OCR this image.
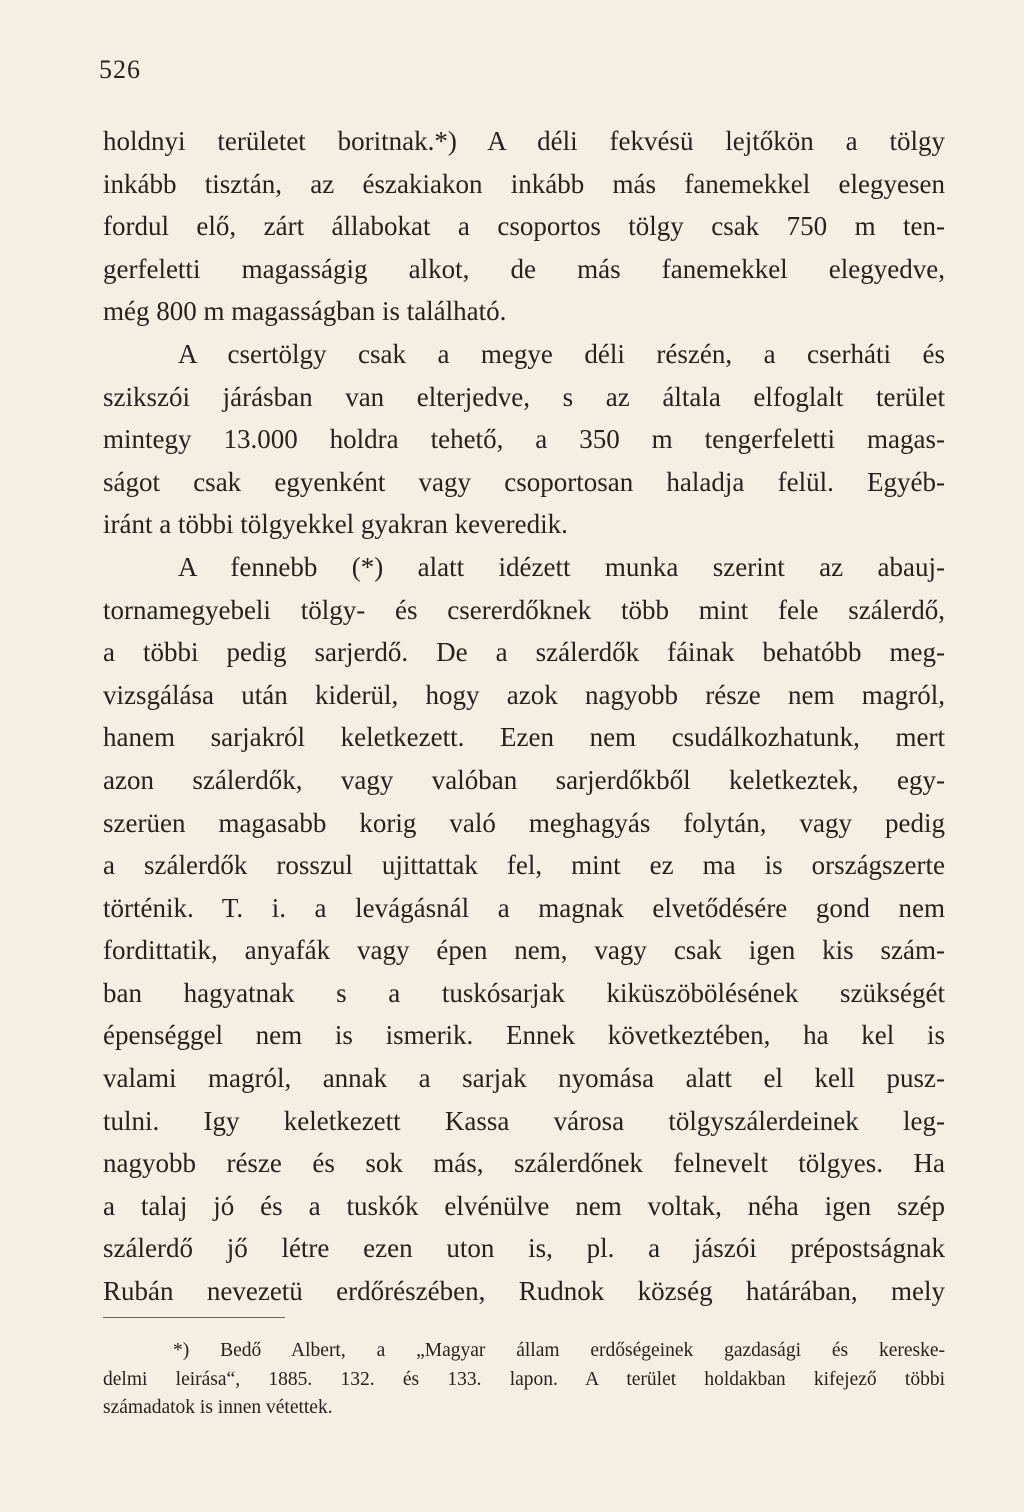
526
holdnyi területet boritnak.*) A déli fekvésü lejtőkön a tölgy
inkább tisztán, az északiakon inkább más fanemekkel elegyesen
fordul elő, zárt állabokat a csoportos tölgy csak 750 m ten-
gerfeletti magasságig alkot, de más fanemekkel elegyedve,
még 800 m magasságban is található.
A csertölgy csak a megye déli részén, a cserháti és
szikszói járásban van elterjedve, s az általa elfoglalt terület
mintegy 13.000 holdra tehető, a 350 m tengerfeletti magas-
ságot csak egyenként vagy csoportosan haladja felül. Egyéb-
iránt a többi tölgyekkel gyakran keveredik.
A fennebb (*) alatt idézett munka szerint az abauj-
tornamegyebeli tölgy- és csererdőknek több mint fele szálerdő,
a többi pedig sarjerdő. De a szálerdők fáinak behatóbb meg-
vizsgálása után kiderül, hogy azok nagyobb része nem magról,
hanem sarjakról keletkezett. Ezen nem csudálkozhatunk, mert
azon szálerdők, vagy valóban sarjerdőkből keletkeztek, egy-
szerüen magasabb korig való meghagyás folytán, vagy pedig
a szálerdők rosszul ujittattak fel, mint ez ma is országszerte
történik. T. i. a levágásnál a magnak elvetődésére gond nem
fordittatik, anyafák vagy épen nem, vagy csak igen kis szám-
ban hagyatnak s a tuskósarjak kiküszöbölésének szükségét
épenséggel nem is ismerik. Ennek következtében, ha kel is
valami magról, annak a sarjak nyomása alatt el kell pusz-
tulni. Igy keletkezett Kassa városa tölgyszálerdeinek leg-
nagyobb része és sok más, szálerdőnek felnevelt tölgyes. Ha
a talaj jó és a tuskók elvénülve nem voltak, néha igen szép
szálerdő jő létre ezen uton is, pl. a jászói prépostságnak
Rubán nevezetü erdőrészében, Rudnok község határában, mely
*) Bedő Albert, a „Magyar állam erdőségeinek gazdasági és kereske-
delmi leirása“, 1885. 132. és 133. lapon. A terület holdakban kifejező többi
számadatok is innen vétettek.
